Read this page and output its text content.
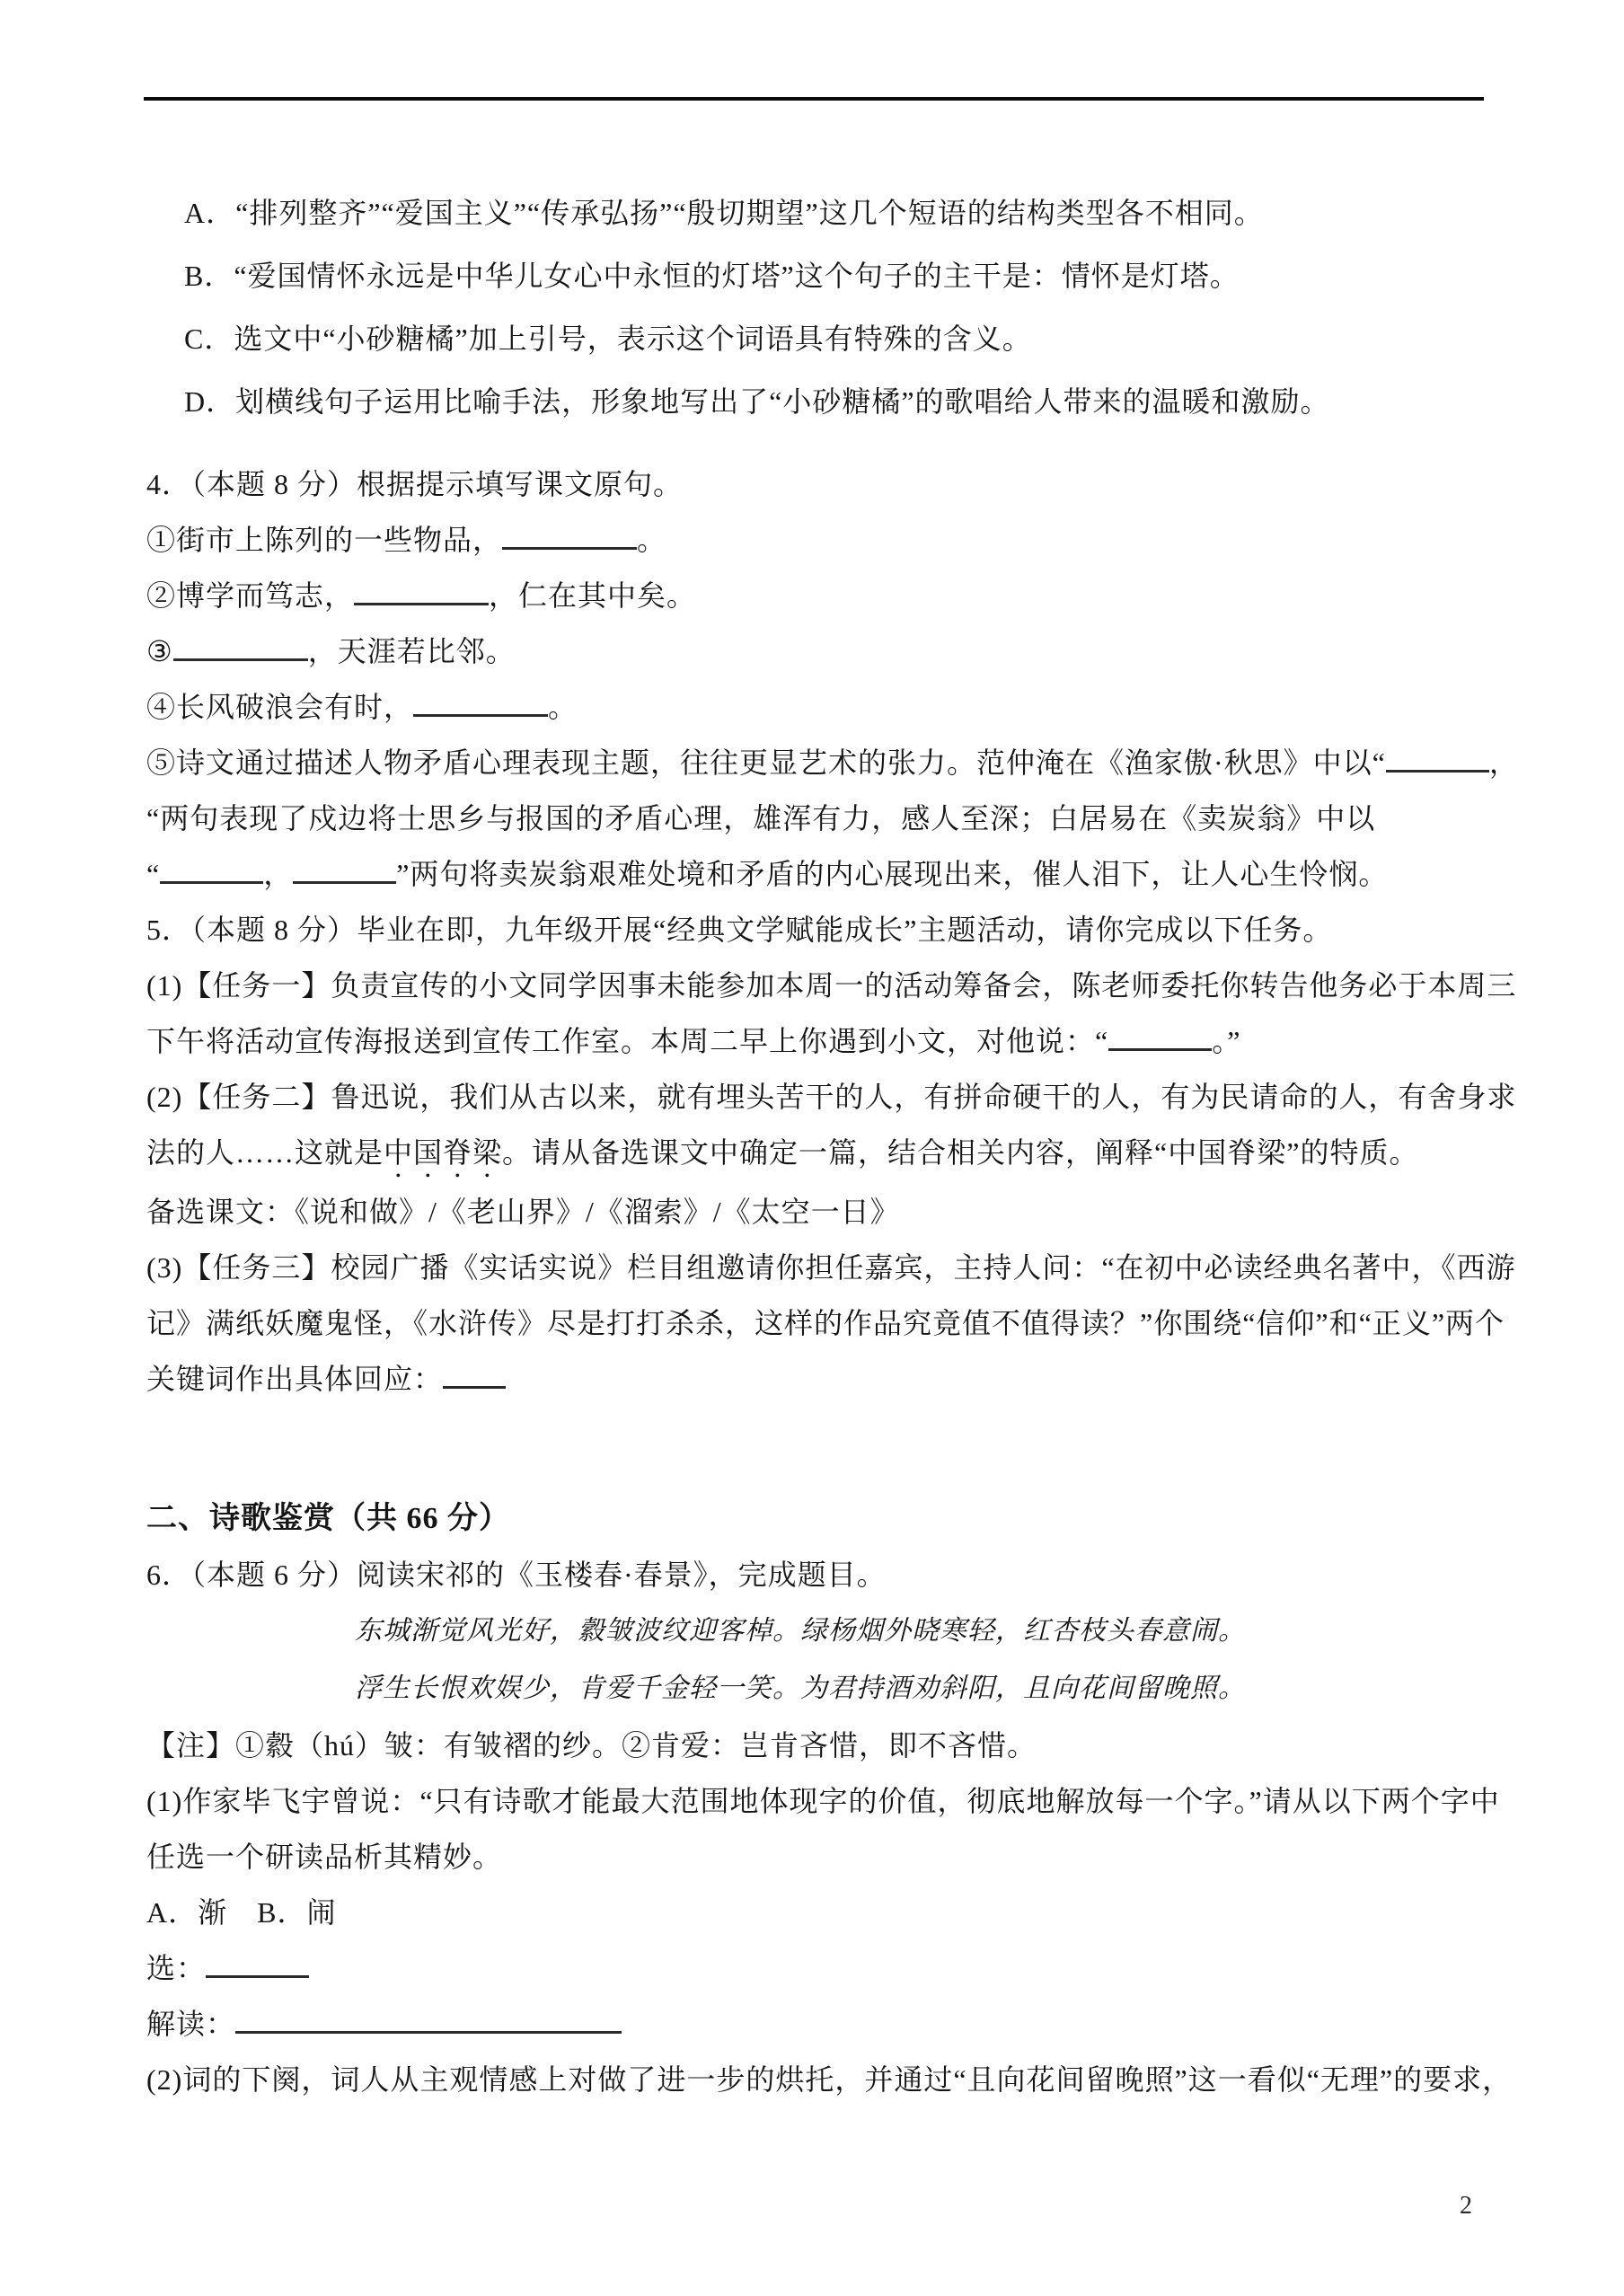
A．“排列整齐”“爱国主义”“传承弘扬”“殷切期望”这几个短语的结构类型各不相同。
B．“爱国情怀永远是中华儿女心中永恒的灯塔”这个句子的主干是：情怀是灯塔。
C．选文中“小砂糖橘”加上引号，表示这个词语具有特殊的含义。
D．划横线句子运用比喻手法，形象地写出了“小砂糖橘”的歌唱给人带来的温暖和激励。
4．（本题 8 分）根据提示填写课文原句。
①街市上陈列的一些物品，	。
②博学而笃志，	，仁在其中矣。
③	，天涯若比邻。
④长风破浪会有时，	。
⑤诗文通过描述人物矛盾心理表现主题，往往更显艺术的张力。范仲淹在《渔家傲·秋思》中以“	，
“两句表现了戍边将士思乡与报国的矛盾心理，雄浑有力，感人至深；白居易在《卖炭翁》中以
“	，	”两句将卖炭翁艰难处境和矛盾的内心展现出来，催人泪下，让人心生怜悯。
5．（本题 8 分）毕业在即，九年级开展“经典文学赋能成长”主题活动，请你完成以下任务。
(1)【任务一】负责宣传的小文同学因事未能参加本周一的活动筹备会，陈老师委托你转告他务必于本周三
下午将活动宣传海报送到宣传工作室。本周二早上你遇到小文，对他说：“	。”
(2)【任务二】鲁迅说，我们从古以来，就有埋头苦干的人，有拼命硬干的人，有为民请命的人，有舍身求
法的人……这就是中国脊梁。请从备选课文中确定一篇，结合相关内容，阐释“中国脊梁”的特质。
备选课文：《说和做》/《老山界》/《溜索》/《太空一日》
(3)【任务三】校园广播《实话实说》栏目组邀请你担任嘉宾，主持人问：“在初中必读经典名著中，《西游
记》满纸妖魔鬼怪，《水浒传》尽是打打杀杀，这样的作品究竟值不值得读？”你围绕“信仰”和“正义”两个
关键词作出具体回应：
二、诗歌鉴赏（共 66 分）
6．（本题 6 分）阅读宋祁的《玉楼春·春景》，完成题目。
东城渐觉风光好，縠皱波纹迎客棹。绿杨烟外晓寒轻，红杏枝头春意闹。
浮生长恨欢娱少，肯爱千金轻一笑。为君持酒劝斜阳，且向花间留晚照。
【注】①縠（hú）皱：有皱褶的纱。②肯爱：岂肯吝惜，即不吝惜。
(1)作家毕飞宇曾说：“只有诗歌才能最大范围地体现字的价值，彻底地解放每一个字。”请从以下两个字中
任选一个研读品析其精妙。
A．渐　B．闹
选：
解读：
(2)词的下阕，词人从主观情感上对做了进一步的烘托，并通过“且向花间留晚照”这一看似“无理”的要求，
2
